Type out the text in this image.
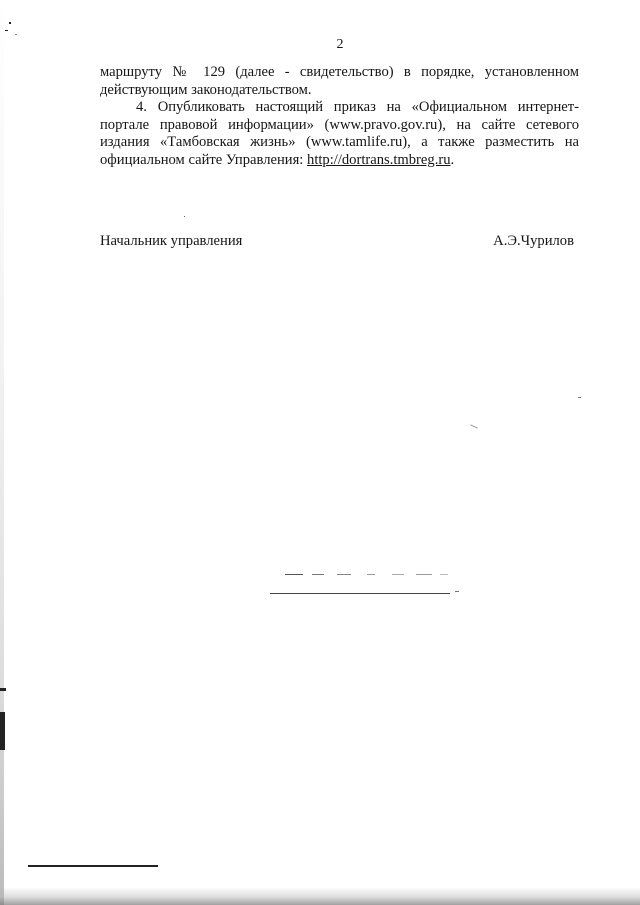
2

маршруту № 129 (далее - свидетельство) в порядке, установленном действующим законодательством.

4. Опубликовать настоящий приказ на «Официальном интернет-портале правовой информации» (www.pravo.gov.ru), на сайте сетевого издания «Тамбовская жизнь» (www.tamlife.ru), а также разместить на официальном сайте Управления: http://dortrans.tmbreg.ru.

Начальник управления	А.Э.Чурилов
